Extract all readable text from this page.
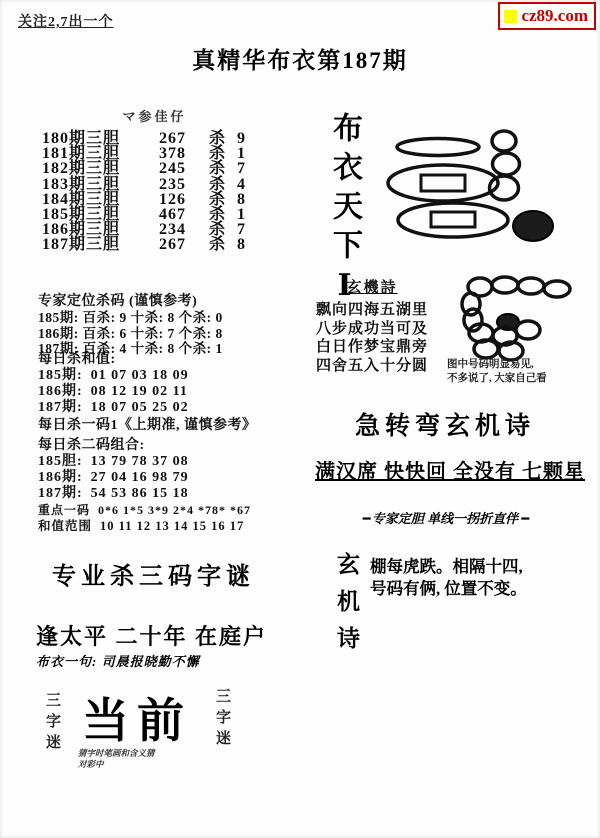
关注2,7出一个	cz89.com
真精华布衣第187期
マ参佳仔
180期三胆	267	杀 9
181期三胆	378	杀 1
182期三胆	245	杀 7
183期三胆	235	杀 4
184期三胆	126	杀 8
185期三胆	467	杀 1
186期三胆	234	杀 7
187期三胆	267	杀 8
专家定位杀码 (谨慎参考)
185期: 百杀: 9 十杀: 8 个杀: 0
186期: 百杀: 6 十杀: 7 个杀: 8
187期: 百杀: 4 十杀: 8 个杀: 1
每日杀和值:
185期: 01 07 03 18 09
186期: 08 12 19 02 11
187期: 18 07 05 25 02
每日杀一码1《上期准, 谨慎参考》
每日杀二码组合:
185胆: 13 79 78 37 08
186期: 27 04 16 98 79
187期: 54 53 86 15 18
重点一码 0*6 1*5 3*9 2*4 *78* *67
和值范围 10 11 12 13 14 15 16 17
专业杀三码字谜
逢太平 二十年 在庭户
布衣一句: 司晨报晓勤不懈
三字迷 当前
猜字时笔画和含义猜
对彩中
三字迷
布衣天下Ⅰ
玄機詩
飘向四海五湖里
八步成功当可及
白日作梦宝鼎旁
四舍五入十分圆	图中号码明显易见,
不多说了, 大家自己看
急转弯玄机诗
满汉席 快快回 全没有 七颗星
━ 专家定胆 单线一拐折直伴 ━
玄机诗 棚每虎跌。相隔十四,
号码有俩, 位置不变。
